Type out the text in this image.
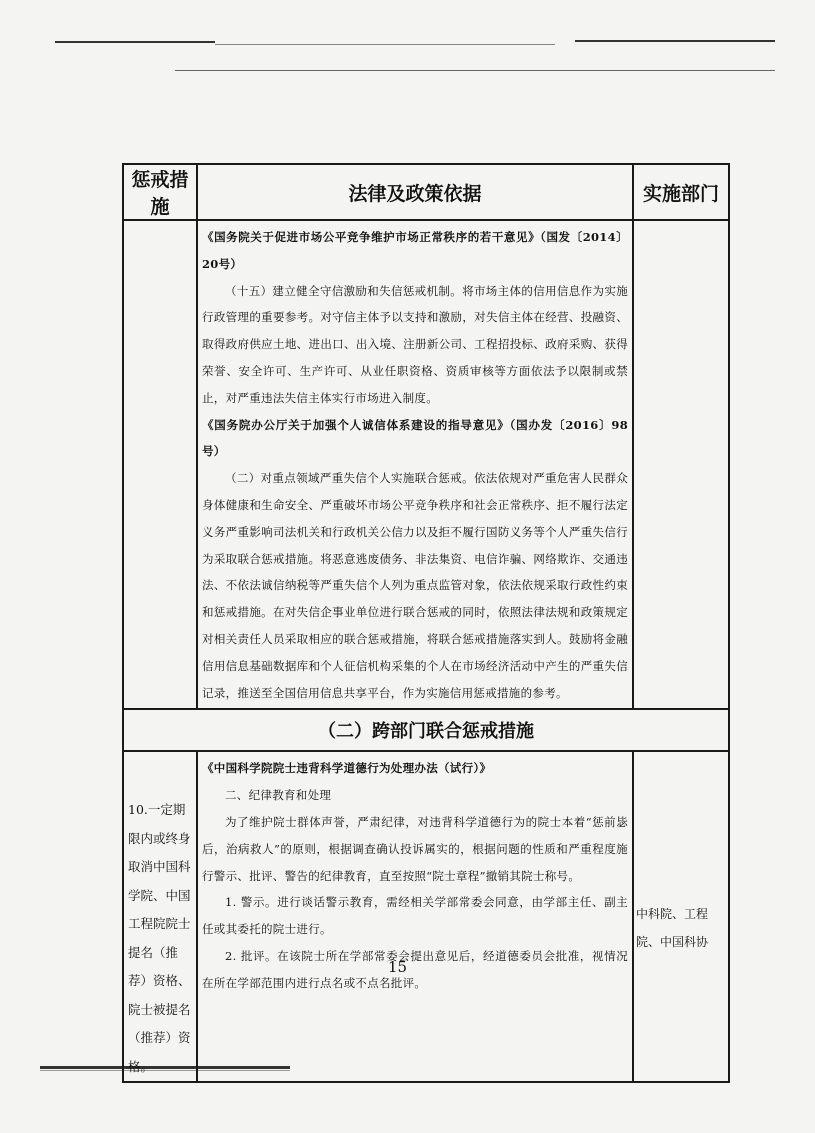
惩戒措施	法律及政策依据	实施部门

	《国务院关于促进市场公平竞争维护市场正常秩序的若干意见》（国发〔2014〕20号）

（十五）建立健全守信激励和失信惩戒机制。将市场主体的信用信息作为实施行政管理的重要参考。对守信主体予以支持和激励，对失信主体在经营、投融资、取得政府供应土地、进出口、出入境、注册新公司、工程招投标、政府采购、获得荣誉、安全许可、生产许可、从业任职资格、资质审核等方面依法予以限制或禁止，对严重违法失信主体实行市场进入制度。

《国务院办公厅关于加强个人诚信体系建设的指导意见》（国办发〔2016〕98号）

（二）对重点领域严重失信个人实施联合惩戒。依法依规对严重危害人民群众身体健康和生命安全、严重破坏市场公平竞争秩序和社会正常秩序、拒不履行法定义务严重影响司法机关和行政机关公信力以及拒不履行国防义务等个人严重失信行为采取联合惩戒措施。将恶意逃废债务、非法集资、电信诈骗、网络欺诈、交通违法、不依法诚信纳税等严重失信个人列为重点监管对象，依法依规采取行政性约束和惩戒措施。在对失信企事业单位进行联合惩戒的同时，依照法律法规和政策规定对相关责任人员采取相应的联合惩戒措施，将联合惩戒措施落实到人。鼓励将金融信用信息基础数据库和个人征信机构采集的个人在市场经济活动中产生的严重失信记录，推送至全国信用信息共享平台，作为实施信用惩戒措施的参考。	

（二）跨部门联合惩戒措施		
10.一定期限内或终身取消中国科学院、中国工程院院士提名（推荐）资格、院士被提名（推荐）资格。	《中国科学院院士违背科学道德行为处理办法（试行）》

二、纪律教育和处理

为了维护院士群体声誉，严肃纪律，对违背科学道德行为的院士本着“惩前毖后，治病救人”的原则，根据调查确认投诉属实的，根据问题的性质和严重程度施行警示、批评、警告的纪律教育，直至按照“院士章程”撤销其院士称号。

1. 警示。进行谈话警示教育，需经相关学部常委会同意，由学部主任、副主任或其委托的院士进行。

2. 批评。在该院士所在学部常委会提出意见后，经道德委员会批准，视情况在所在学部范围内进行点名或不点名批评。	中科院、工程院、中国科协
15
